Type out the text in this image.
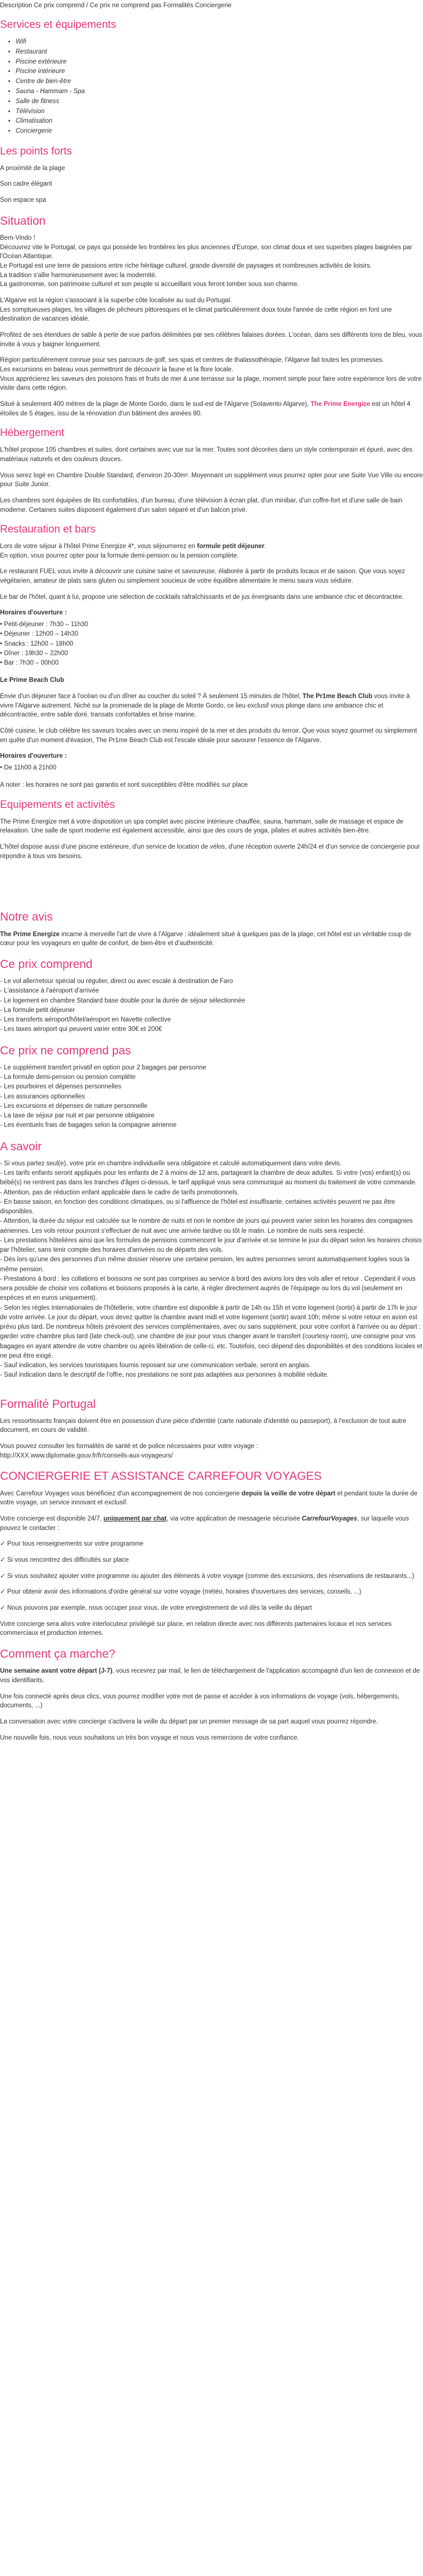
Description Ce prix comprend / Ce prix ne comprend pas Formalités Conciergerie
Services et équipements
• Wifi
• Restaurant
• Piscine extérieure
• Piscine intérieure
• Centre de bien-être
• Sauna - Hammam - Spa
• Salle de fitness
• Télévision
• Climatisation
• Conciergerie
Les points forts

A proximité de la plage

Son cadre élégant

Son espace spa

Situation

Bem-Vindo !
Découvrez vite le Portugal, ce pays qui possède les frontières les plus anciennes d'Europe, son climat doux et ses superbes plages baignées par l'Océan Atlantique.
Le Portugal est une terre de passions entre riche héritage culturel, grande diversité de paysages et nombreuses activités de loisirs.
La tradition s'allie harmonieusement avec la modernité.
La gastronomie, son patrimoine culturel et son peuple si accueillant vous feront tomber sous son charme.

L'Algarve est la région s'associant à la superbe côte localisée au sud du Portugal.
Les somptueuses plages, les villages de pêcheurs pittoresques et le climat particulièrement doux toute l'année de cette région en font une destination de vacances idéale.

Profitez de ses étendues de sable à perte de vue parfois délimitées par ses célèbres falaises dorées. L'océan, dans ses différents tons de bleu, vous invite à vous y baigner longuement.

Région particulièrement connue pour ses parcours de golf, ses spas et centres de thalassothérapie, l'Algarve fait toutes les promesses.
Les excursions en bateau vous permettront de découvrir la faune et la flore locale.
Vous apprécierez les saveurs des poissons frais et fruits de mer à une terrasse sur la plage, moment simple pour faire votre expérience lors de votre visite dans cette région.

Situé à seulement 400 mètres de la plage de Monte Gordo, dans le sud-est de l'Algarve (Sotavento Algarve), The Prime Energize est un hôtel 4 étoiles de 5 étages, issu de la rénovation d'un bâtiment des années 80.

Hébergement

L'hôtel propose 105 chambres et suites, dont certaines avec vue sur la mer. Toutes sont décorées dans un style contemporain et épuré, avec des matériaux naturels et des couleurs douces.

Vous serez logé en Chambre Double Standard, d'environ 20-30m². Moyennant un supplément vous pourrez opter pour une Suite Vue Ville ou encore pour Suite Junior.

Les chambres sont équipées de lits confortables, d'un bureau, d'une télévision à écran plat, d'un minibar, d'un coffre-fort et d'une salle de bain moderne. Certaines suites disposent également d'un salon séparé et d'un balcon privé.

Restauration et bars

Lors de votre séjour à l'hôtel Prime Energize 4*, vous séjournerez en formule petit déjeuner.
En option, vous pourrez opter pour la formule demi-pension ou la pension complète.

Le restaurant FUEL vous invite à découvrir une cuisine saine et savoureuse, élaborée à partir de produits locaux et de saison. Que vous soyez végétarien, amateur de plats sans gluten ou simplement soucieux de votre équilibre alimentaire le menu saura vous séduire.

Le bar de l'hôtel, quant à lui, propose une sélection de cocktails rafraîchissants et de jus énergisants dans une ambiance chic et décontractée.

Horaires d'ouverture :

• Petit-déjeuner : 7h30 – 11h30
• Déjeuner : 12h00 – 14h30
• Snacks : 12h00 – 18h00
• Dîner : 19h30 – 22h00
• Bar : 7h30 – 00h00

Le Prime Beach Club

Envie d'un déjeuner face à l'océan ou d'un dîner au coucher du soleil ? À seulement 15 minutes de l'hôtel, The Pr1me Beach Club vous invite à vivre l'Algarve autrement. Niché sur la promenade de la plage de Monte Gordo, ce lieu exclusif vous plonge dans une ambiance chic et décontractée, entre sable doré, transats confortables et brise marine.

Côté cuisine, le club célèbre les saveurs locales avec un menu inspiré de la mer et des produits du terroir. Que vous soyez gourmet ou simplement en quête d'un moment d'évasion, The Pr1me Beach Club est l'escale idéale pour savourer l'essence de l'Algarve.

Horaires d'ouverture :

• De 11h00 à 21h00

A noter : les horaires ne sont pas garantis et sont susceptibles d'être modifiés sur place

Equipements et activités

The Prime Energize met à votre disposition un spa complet avec piscine intérieure chauffée, sauna, hammam, salle de massage et espace de relaxation. Une salle de sport moderne est également accessible, ainsi que des cours de yoga, pilates et autres activités bien-être.

L'hôtel dispose aussi d'une piscine extérieure, d'un service de location de vélos, d'une réception ouverte 24h/24 et d'un service de conciergerie pour répondre à tous vos besoins.

Notre avis

The Prime Energize incarne à merveille l'art de vivre à l'Algarve : idéalement situé à quelques pas de la plage, cet hôtel est un véritable coup de cœur pour les voyageurs en quête de confort, de bien-être et d'authenticité.

Ce prix comprend
- Le vol aller/retour spécial ou régulier, direct ou avec escale à destination de Faro
- L'assistance à l'aéroport d'arrivée
- Le logement en chambre Standard base double pour la durée de séjour sélectionnée
- La formule petit déjeuner
- Les transferts aéroport/hôtel/aéroport en Navette collective
- Les taxes aéroport qui peuvent varier entre 30€ et 200€
Ce prix ne comprend pas
- Le supplément transfert privatif en option pour 2 bagages par personne
- La formule demi-pension ou pension complète
- Les pourboires et dépenses personnelles
- Les assurances optionnelles
- Les excursions et dépenses de nature personnelle
- La taxe de séjour par nuit et par personne obligatoire
- Les éventuels frais de bagages selon la compagnie aérienne
A savoir
- Si vous partez seul(e), votre prix en chambre individuelle sera obligatoire et calculé automatiquement dans votre devis.
- Les tarifs enfants seront appliqués pour les enfants de 2 à moins de 12 ans, partageant la chambre de deux adultes. Si votre (vos) enfant(s) ou bébé(s) ne rentrent pas dans les tranches d'âges ci-dessus, le tarif appliqué vous sera communiqué au moment du traitement de votre commande.
- Attention, pas de réduction enfant applicable dans le cadre de tarifs promotionnels.
- En basse saison, en fonction des conditions climatiques, ou si l'affluence de l'hôtel est insuffisante, certaines activités peuvent ne pas être disponibles.
- Attention, la durée du séjour est calculée sur le nombre de nuits et non le nombre de jours qui peuvent varier selon les horaires des compagnies aériennes. Les vols retour pourront s'effectuer de nuit avec une arrivée tardive ou tôt le matin. Le nombre de nuits sera respecté.
- Les prestations hôtelières ainsi que les formules de pensions commencent le jour d'arrivée et se termine le jour du départ selon les horaires choisis par l'hôtelier, sans tenir compte des horaires d'arrivées ou de départs des vols.
- Dès lors qu'une des personnes d'un même dossier réserve une certaine pension, les autres personnes seront automatiquement logées sous la même pension.
- Prestations à bord : les collations et boissons ne sont pas comprises au service à bord des avions lors des vols aller et retour . Cependant il vous sera possible de choisir vos collations et boissons proposés à la carte, à régler directement auprès de l'équipage ou lors du vol (seulement en espèces et en euros uniquement).
- Selon les règles Internationales de l'hôtellerie, votre chambre est disponible à partir de 14h ou 15h et votre logement (sortir) à partir de 17h le jour de votre arrivée. Le jour du départ, vous devez quitter la chambre avant midi et votre logement (sortir) avant 10h; même si votre retour en avion est prévu plus tard. De nombreux hôtels prévoient des services complémentaires, avec ou sans supplément, pour votre confort à l'arrivée ou au départ : garder votre chambre plus tard (late check-out), une chambre de jour pour vous changer avant le transfert (courtesy room), une consigne pour vos bagages en ayant attendre de votre chambre ou après libération de celle-ci, etc. Toutefois, ceci dépend des disponibilités et des conditions locales et ne peut être exigé.
- Sauf indication, les services touristiques fournis reposant sur une communication verbale, seront en anglais.
- Sauf indication dans le descriptif de l'offre, nos prestations ne sont pas adaptées aux personnes à mobilité réduite.
Formalité Portugal

Les ressortissants français doivent être en possession d'une pièce d'identité (carte nationale d'identité ou passeport), à l'exclusion de tout autre document, en cours de validité.

Vous pouvez consulter les formalités de santé et de police nécessaires pour votre voyage :
http://XXX.www.diplomatie.gouv.fr/fr/conseils-aux-voyageurs/

CONCIERGERIE ET ASSISTANCE CARREFOUR VOYAGES

Avec Carrefour Voyages vous bénéficiez d'un accompagnement de nos conciergerie depuis la veille de votre départ et pendant toute la durée de votre voyage, un service innovant et exclusif.

Votre concierge est disponible 24/7, uniquement par chat, via votre application de messagerie sécurisée CarrefourVoyages, sur laquelle vous pouvez le contacter :

✓ Pour tous renseignements sur votre programme

✓ Si vous rencontrez des difficultés sur place

✓ Si vous souhaitez ajouter votre programme ou ajouter des éléments à votre voyage (comme des excursions, des réservations de restaurants...)

✓ Pour obtenir avoir des informations d'ordre général sur votre voyage (météo, horaires d'ouvertures des services, conseils, ...)

✓ Nous pouvons par exemple, nous occuper pour vous, de votre enregistrement de vol dès la veille du départ

Votre concierge sera alors votre interlocuteur privilégié sur place, en relation directe avec nos différents partenaires locaux et nos services commerciaux et production internes.

Comment ça marche?

Une semaine avant votre départ (J-7), vous recevrez par mail, le lien de téléchargement de l'application accompagné d'un lien de connexion et de vos identifiants.

Une fois connecté après deux clics, vous pourrez modifier votre mot de passe et accéder à vos informations de voyage (vols, hébergements, documents, ...)

La conversation avec votre concierge s'activera la veille du départ par un premier message de sa part auquel vous pourrez répondre.

Une nouvelle fois, nous vous souhaitons un très bon voyage et nous vous remercions de votre confiance.
